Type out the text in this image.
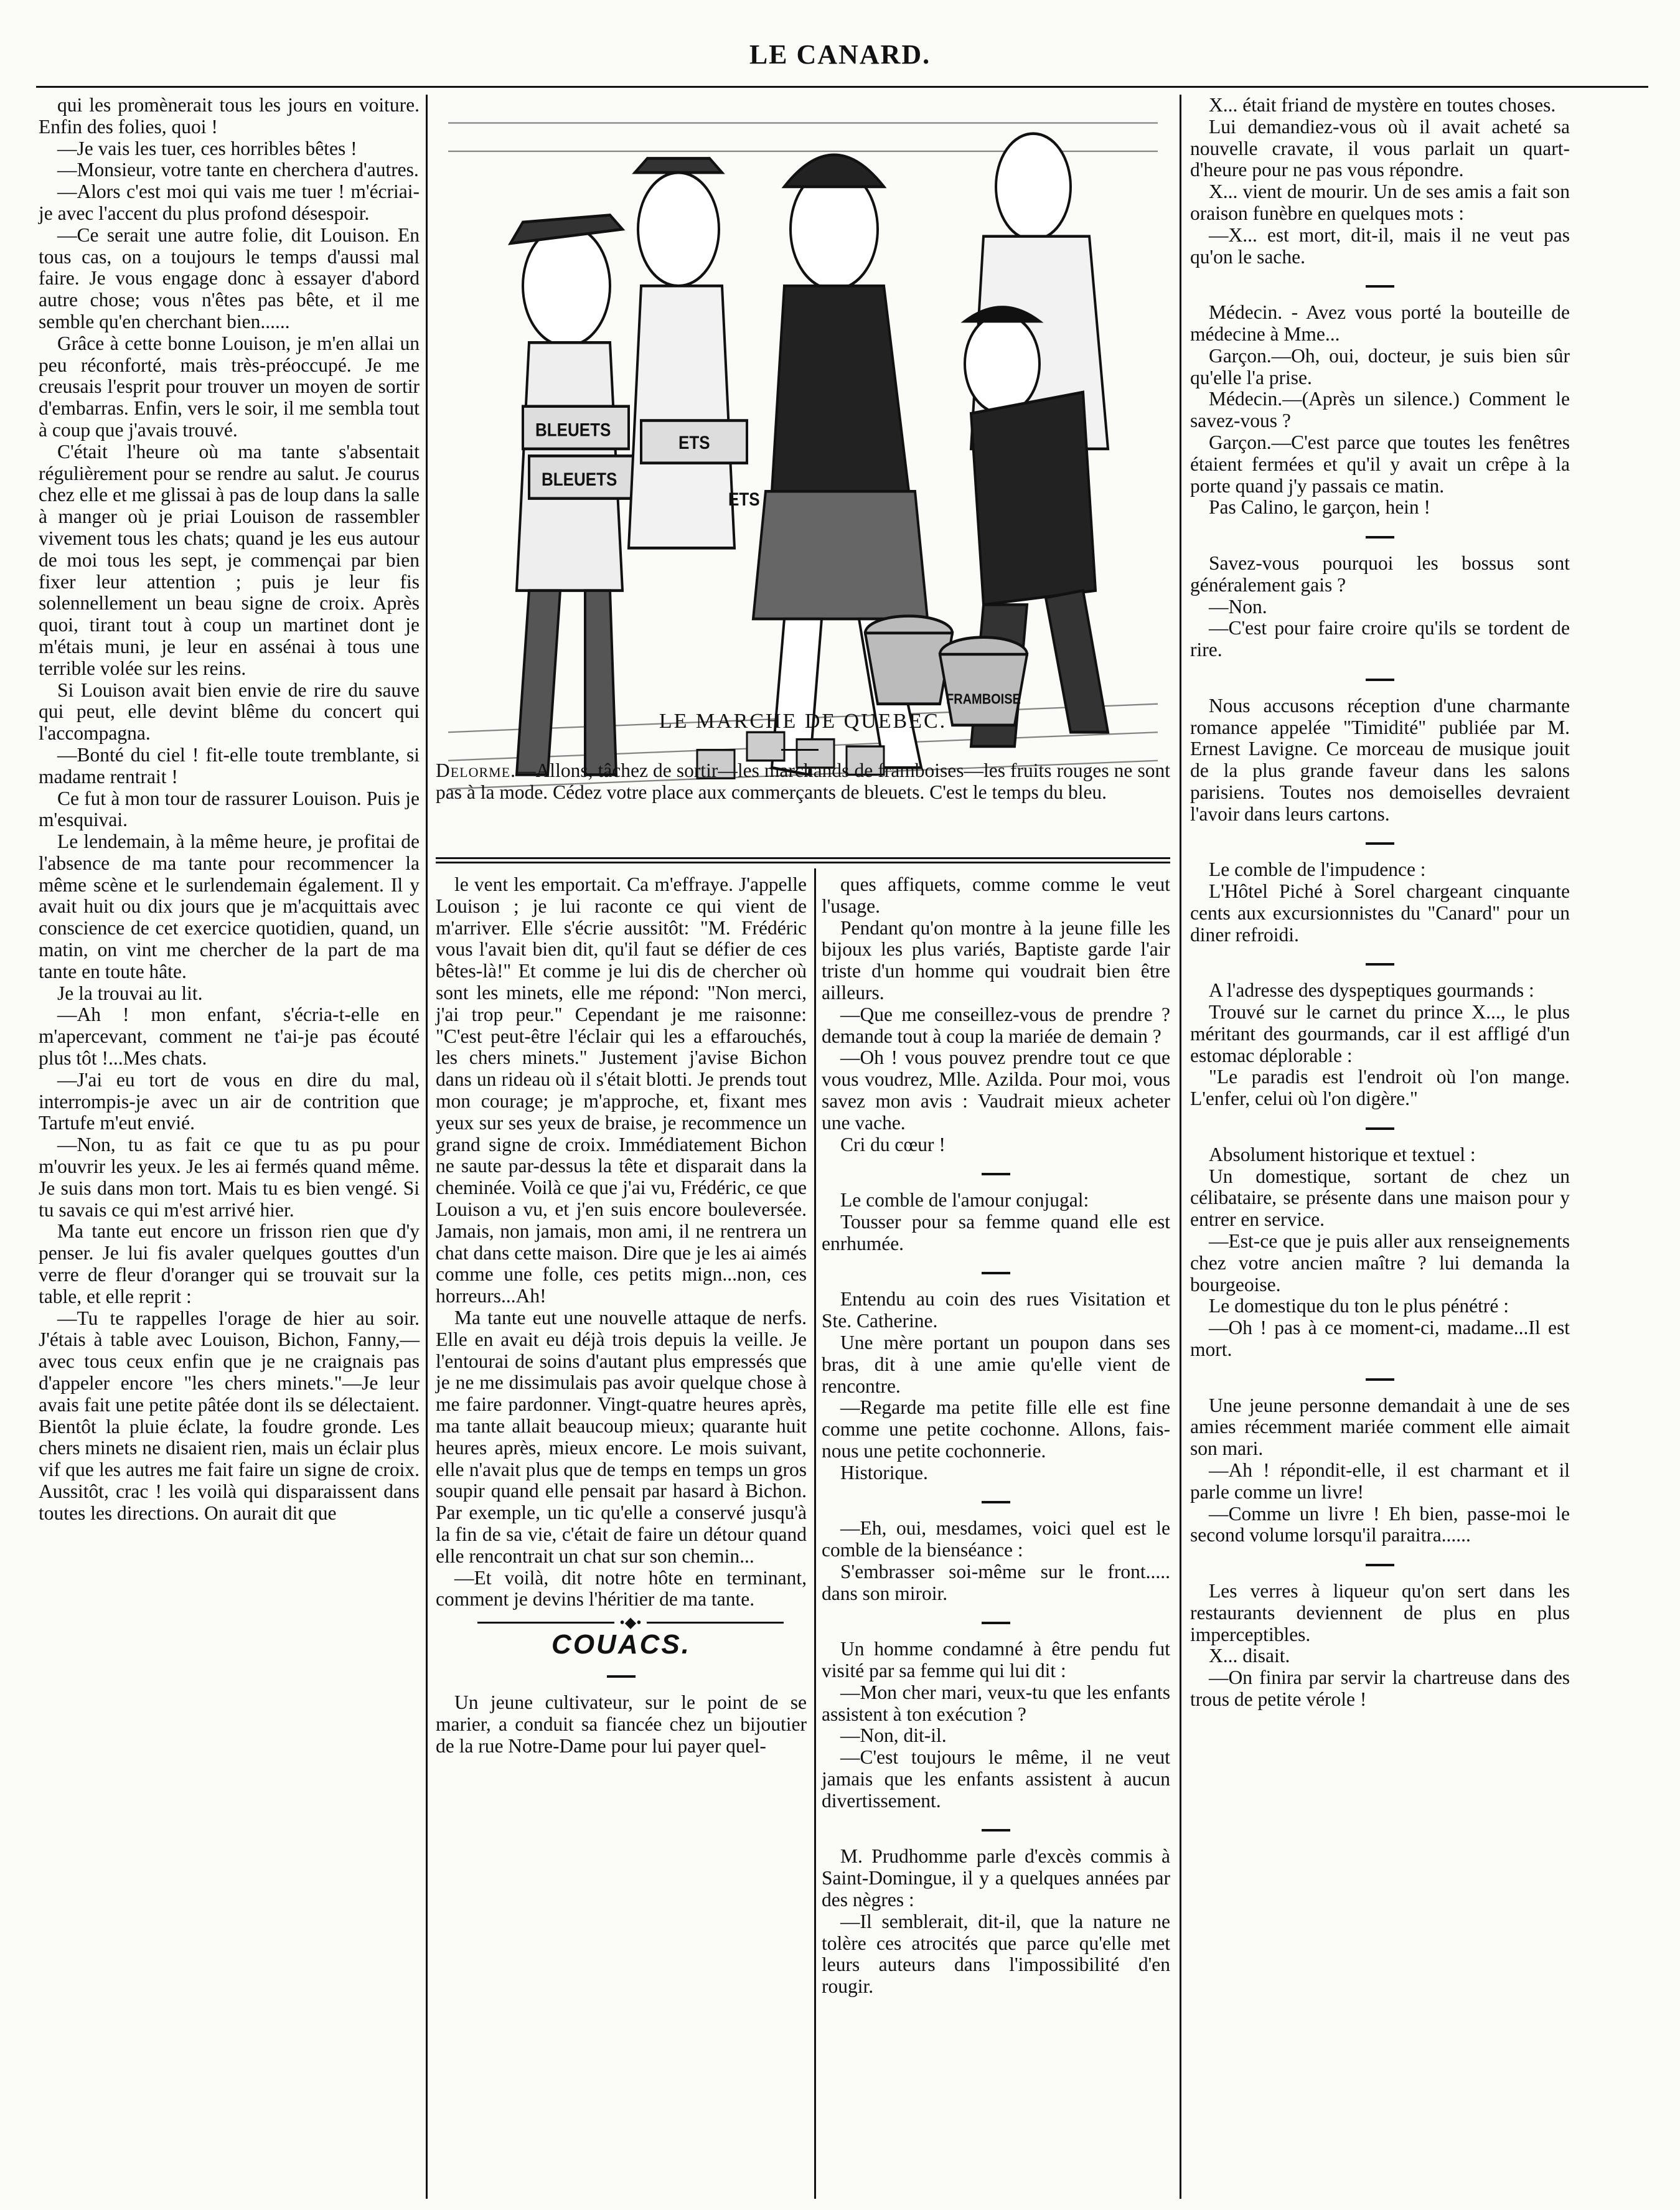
LE CANARD.

qui les promènerait tous les jours en voiture. Enfin des folies, quoi !

—Je vais les tuer, ces horribles bêtes !

—Monsieur, votre tante en cherchera d'autres.

—Alors c'est moi qui vais me tuer ! m'écriai-je avec l'accent du plus profond désespoir.

—Ce serait une autre folie, dit Louison. En tous cas, on a toujours le temps d'aussi mal faire. Je vous engage donc à essayer d'abord autre chose; vous n'êtes pas bête, et il me semble qu'en cherchant bien......

Grâce à cette bonne Louison, je m'en allai un peu réconforté, mais très-préoccupé. Je me creusais l'esprit pour trouver un moyen de sortir d'embarras. Enfin, vers le soir, il me sembla tout à coup que j'avais trouvé.

C'était l'heure où ma tante s'absentait régulièrement pour se rendre au salut. Je courus chez elle et me glissai à pas de loup dans la salle à manger où je priai Louison de rassembler vivement tous les chats; quand je les eus autour de moi tous les sept, je commençai par bien fixer leur attention ; puis je leur fis solennellement un beau signe de croix. Après quoi, tirant tout à coup un martinet dont je m'étais muni, je leur en assénai à tous une terrible volée sur les reins.

Si Louison avait bien envie de rire du sauve qui peut, elle devint blême du concert qui l'accompagna.

—Bonté du ciel ! fit-elle toute tremblante, si madame rentrait !

Ce fut à mon tour de rassurer Louison. Puis je m'esquivai.

Le lendemain, à la même heure, je profitai de l'absence de ma tante pour recommencer la même scène et le surlendemain également. Il y avait huit ou dix jours que je m'acquittais avec conscience de cet exercice quotidien, quand, un matin, on vint me chercher de la part de ma tante en toute hâte.

Je la trouvai au lit.

—Ah ! mon enfant, s'écria-t-elle en m'apercevant, comment ne t'ai-je pas écouté plus tôt !...Mes chats.

—J'ai eu tort de vous en dire du mal, interrompis-je avec un air de contrition que Tartufe m'eut envié.

—Non, tu as fait ce que tu as pu pour m'ouvrir les yeux. Je les ai fermés quand même. Je suis dans mon tort. Mais tu es bien vengé. Si tu savais ce qui m'est arrivé hier.

Ma tante eut encore un frisson rien que d'y penser. Je lui fis avaler quelques gouttes d'un verre de fleur d'oranger qui se trouvait sur la table, et elle reprit :

—Tu te rappelles l'orage de hier au soir. J'étais à table avec Louison, Bichon, Fanny,—avec tous ceux enfin que je ne craignais pas d'appeler encore "les chers minets."—Je leur avais fait une petite pâtée dont ils se délectaient. Bientôt la pluie éclate, la foudre gronde. Les chers minets ne disaient rien, mais un éclair plus vif que les autres me fait faire un signe de croix. Aussitôt, crac ! les voilà qui disparaissent dans toutes les directions. On aurait dit que

BLEUETS
BLEUETS
ETS
ETS
FRAMBOISE
LE MARCHE DE QUEBEC.
Delorme.—Allons, tâchez de sortir—les marchands de framboises—les fruits rouges ne sont pas à la mode. Cédez votre place aux commerçants de bleuets. C'est le temps du bleu.

le vent les emportait. Ca m'effraye. J'appelle Louison ; je lui raconte ce qui vient de m'arriver. Elle s'écrie aussitôt: "M. Frédéric vous l'avait bien dit, qu'il faut se défier de ces bêtes-là!" Et comme je lui dis de chercher où sont les minets, elle me répond: "Non merci, j'ai trop peur." Cependant je me raisonne: "C'est peut-être l'éclair qui les a effarouchés, les chers minets." Justement j'avise Bichon dans un rideau où il s'était blotti. Je prends tout mon courage; je m'approche, et, fixant mes yeux sur ses yeux de braise, je recommence un grand signe de croix. Immédiatement Bichon ne saute par-dessus la tête et disparait dans la cheminée. Voilà ce que j'ai vu, Frédéric, ce que Louison a vu, et j'en suis encore bouleversée. Jamais, non jamais, mon ami, il ne rentrera un chat dans cette maison. Dire que je les ai aimés comme une folle, ces petits mign...non, ces horreurs...Ah!

Ma tante eut une nouvelle attaque de nerfs. Elle en avait eu déjà trois depuis la veille. Je l'entourai de soins d'autant plus empressés que je ne me dissimulais pas avoir quelque chose à me faire pardonner. Vingt-quatre heures après, ma tante allait beaucoup mieux; quarante huit heures après, mieux encore. Le mois suivant, elle n'avait plus que de temps en temps un gros soupir quand elle pensait par hasard à Bichon. Par exemple, un tic qu'elle a conservé jusqu'à la fin de sa vie, c'était de faire un détour quand elle rencontrait un chat sur son chemin...

—Et voilà, dit notre hôte en terminant, comment je devins l'héritier de ma tante.

•◆•

COUACS.

Un jeune cultivateur, sur le point de se marier, a conduit sa fiancée chez un bijoutier de la rue Notre-Dame pour lui payer quel-

ques affiquets, comme comme le veut l'usage.

Pendant qu'on montre à la jeune fille les bijoux les plus variés, Baptiste garde l'air triste d'un homme qui voudrait bien être ailleurs.

—Que me conseillez-vous de prendre ? demande tout à coup la mariée de demain ?

—Oh ! vous pouvez prendre tout ce que vous voudrez, Mlle. Azilda. Pour moi, vous savez mon avis : Vaudrait mieux acheter une vache.

Cri du cœur !

Le comble de l'amour conjugal:

Tousser pour sa femme quand elle est enrhumée.

Entendu au coin des rues Visitation et Ste. Catherine.

Une mère portant un poupon dans ses bras, dit à une amie qu'elle vient de rencontre.

—Regarde ma petite fille elle est fine comme une petite cochonne. Allons, fais-nous une petite cochonnerie.

Historique.

—Eh, oui, mesdames, voici quel est le comble de la bienséance :

S'embrasser soi-même sur le front..... dans son miroir.

Un homme condamné à être pendu fut visité par sa femme qui lui dit :

—Mon cher mari, veux-tu que les enfants assistent à ton exécution ?

—Non, dit-il.

—C'est toujours le même, il ne veut jamais que les enfants assistent à aucun divertissement.

M. Prudhomme parle d'excès commis à Saint-Domingue, il y a quelques années par des nègres :

—Il semblerait, dit-il, que la nature ne tolère ces atrocités que parce qu'elle met leurs auteurs dans l'impossibilité d'en rougir.

X... était friand de mystère en toutes choses.

Lui demandiez-vous où il avait acheté sa nouvelle cravate, il vous parlait un quart-d'heure pour ne pas vous répondre.

X... vient de mourir. Un de ses amis a fait son oraison funèbre en quelques mots :

—X... est mort, dit-il, mais il ne veut pas qu'on le sache.

Médecin. - Avez vous porté la bouteille de médecine à Mme...

Garçon.—Oh, oui, docteur, je suis bien sûr qu'elle l'a prise.

Médecin.—(Après un silence.) Comment le savez-vous ?

Garçon.—C'est parce que toutes les fenêtres étaient fermées et qu'il y avait un crêpe à la porte quand j'y passais ce matin.

Pas Calino, le garçon, hein !

Savez-vous pourquoi les bossus sont généralement gais ?

—Non.

—C'est pour faire croire qu'ils se tordent de rire.

Nous accusons réception d'une charmante romance appelée "Timidité" publiée par M. Ernest Lavigne. Ce morceau de musique jouit de la plus grande faveur dans les salons parisiens. Toutes nos demoiselles devraient l'avoir dans leurs cartons.

Le comble de l'impudence :

L'Hôtel Piché à Sorel chargeant cinquante cents aux excursionnistes du "Canard" pour un diner refroidi.

A l'adresse des dyspeptiques gourmands :

Trouvé sur le carnet du prince X..., le plus méritant des gourmands, car il est affligé d'un estomac déplorable :

"Le paradis est l'endroit où l'on mange. L'enfer, celui où l'on digère."

Absolument historique et textuel :

Un domestique, sortant de chez un célibataire, se présente dans une maison pour y entrer en service.

—Est-ce que je puis aller aux renseignements chez votre ancien maître ? lui demanda la bourgeoise.

Le domestique du ton le plus pénétré :

—Oh ! pas à ce moment-ci, madame...Il est mort.

Une jeune personne demandait à une de ses amies récemment mariée comment elle aimait son mari.

—Ah ! répondit-elle, il est charmant et il parle comme un livre!

—Comme un livre ! Eh bien, passe-moi le second volume lorsqu'il paraitra......

Les verres à liqueur qu'on sert dans les restaurants deviennent de plus en plus imperceptibles.

X... disait.

—On finira par servir la chartreuse dans des trous de petite vérole !
